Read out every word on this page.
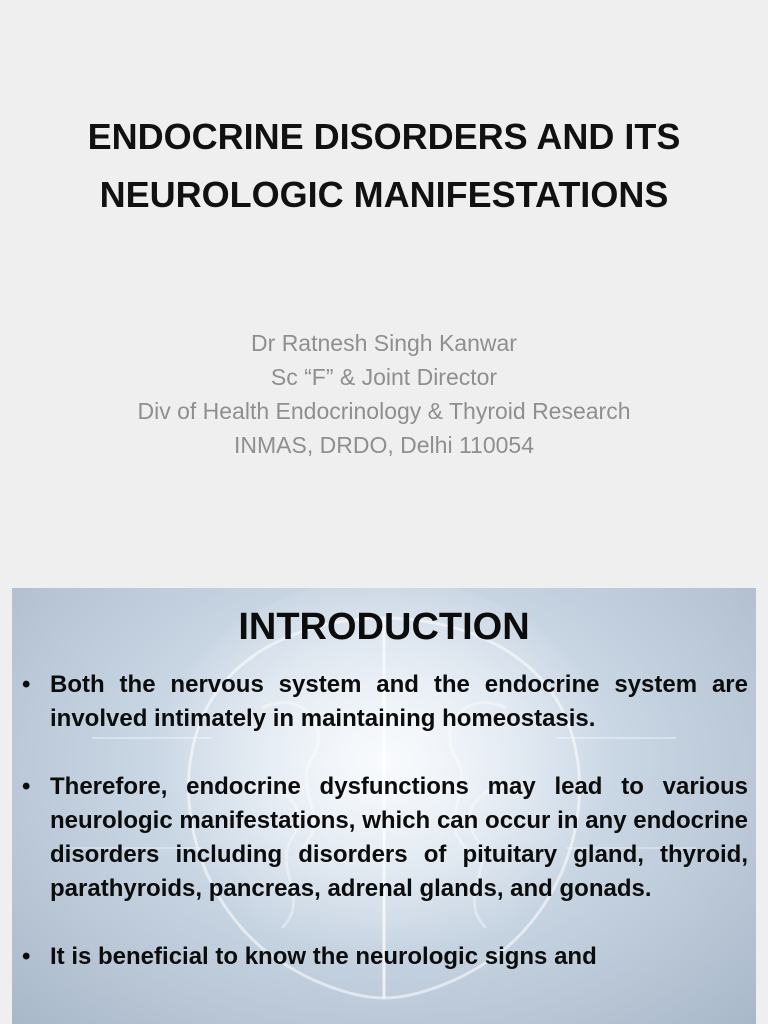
ENDOCRINE DISORDERS AND ITS
NEUROLOGIC MANIFESTATIONS
Dr Ratnesh Singh Kanwar
Sc “F” & Joint Director
Div of Health Endocrinology & Thyroid Research
INMAS, DRDO, Delhi 110054
INTRODUCTION
• Both the nervous system and the endocrine system are involved intimately in maintaining homeostasis.
• Therefore, endocrine dysfunctions may lead to various neurologic manifestations, which can occur in any endocrine disorders including disorders of pituitary gland, thyroid, parathyroids, pancreas, adrenal glands, and gonads.
• It is beneficial to know the neurologic signs and
